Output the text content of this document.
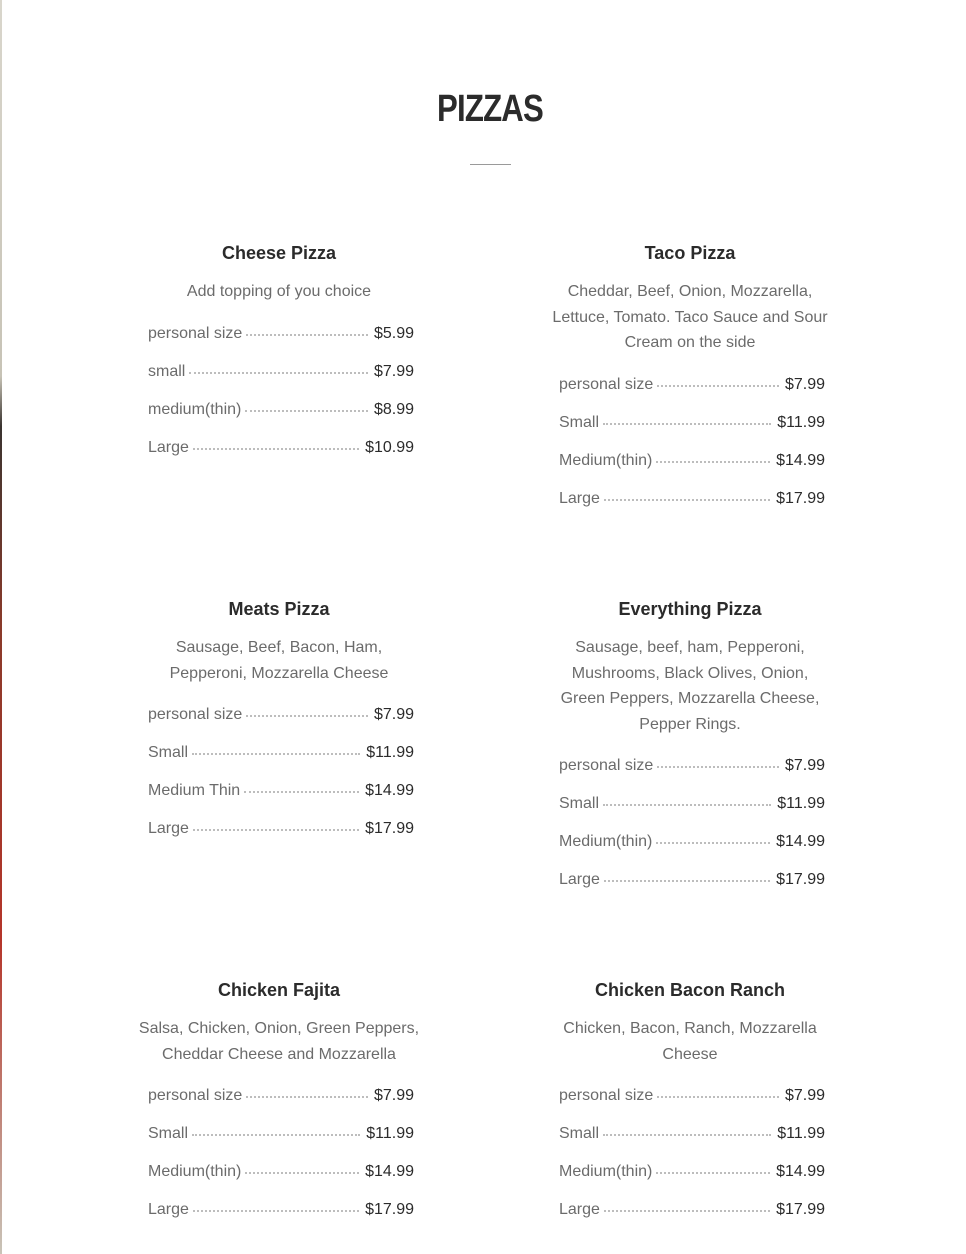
PIZZAS
Cheese Pizza
Add topping of you choice
personal size	$5.99
small	$7.99
medium(thin)	$8.99
Large	$10.99
Taco Pizza
Cheddar, Beef, Onion, Mozzarella, Lettuce, Tomato. Taco Sauce and Sour Cream on the side
personal size	$7.99
Small	$11.99
Medium(thin)	$14.99
Large	$17.99
Meats Pizza
Sausage, Beef, Bacon, Ham, Pepperoni, Mozzarella Cheese
personal size	$7.99
Small	$11.99
Medium Thin	$14.99
Large	$17.99
Everything Pizza
Sausage, beef, ham, Pepperoni, Mushrooms, Black Olives, Onion, Green Peppers, Mozzarella Cheese, Pepper Rings.
personal size	$7.99
Small	$11.99
Medium(thin)	$14.99
Large	$17.99
Chicken Fajita
Salsa, Chicken, Onion, Green Peppers, Cheddar Cheese and Mozzarella
personal size	$7.99
Small	$11.99
Medium(thin)	$14.99
Large	$17.99
Chicken Bacon Ranch
Chicken, Bacon, Ranch, Mozzarella Cheese
personal size	$7.99
Small	$11.99
Medium(thin)	$14.99
Large	$17.99
